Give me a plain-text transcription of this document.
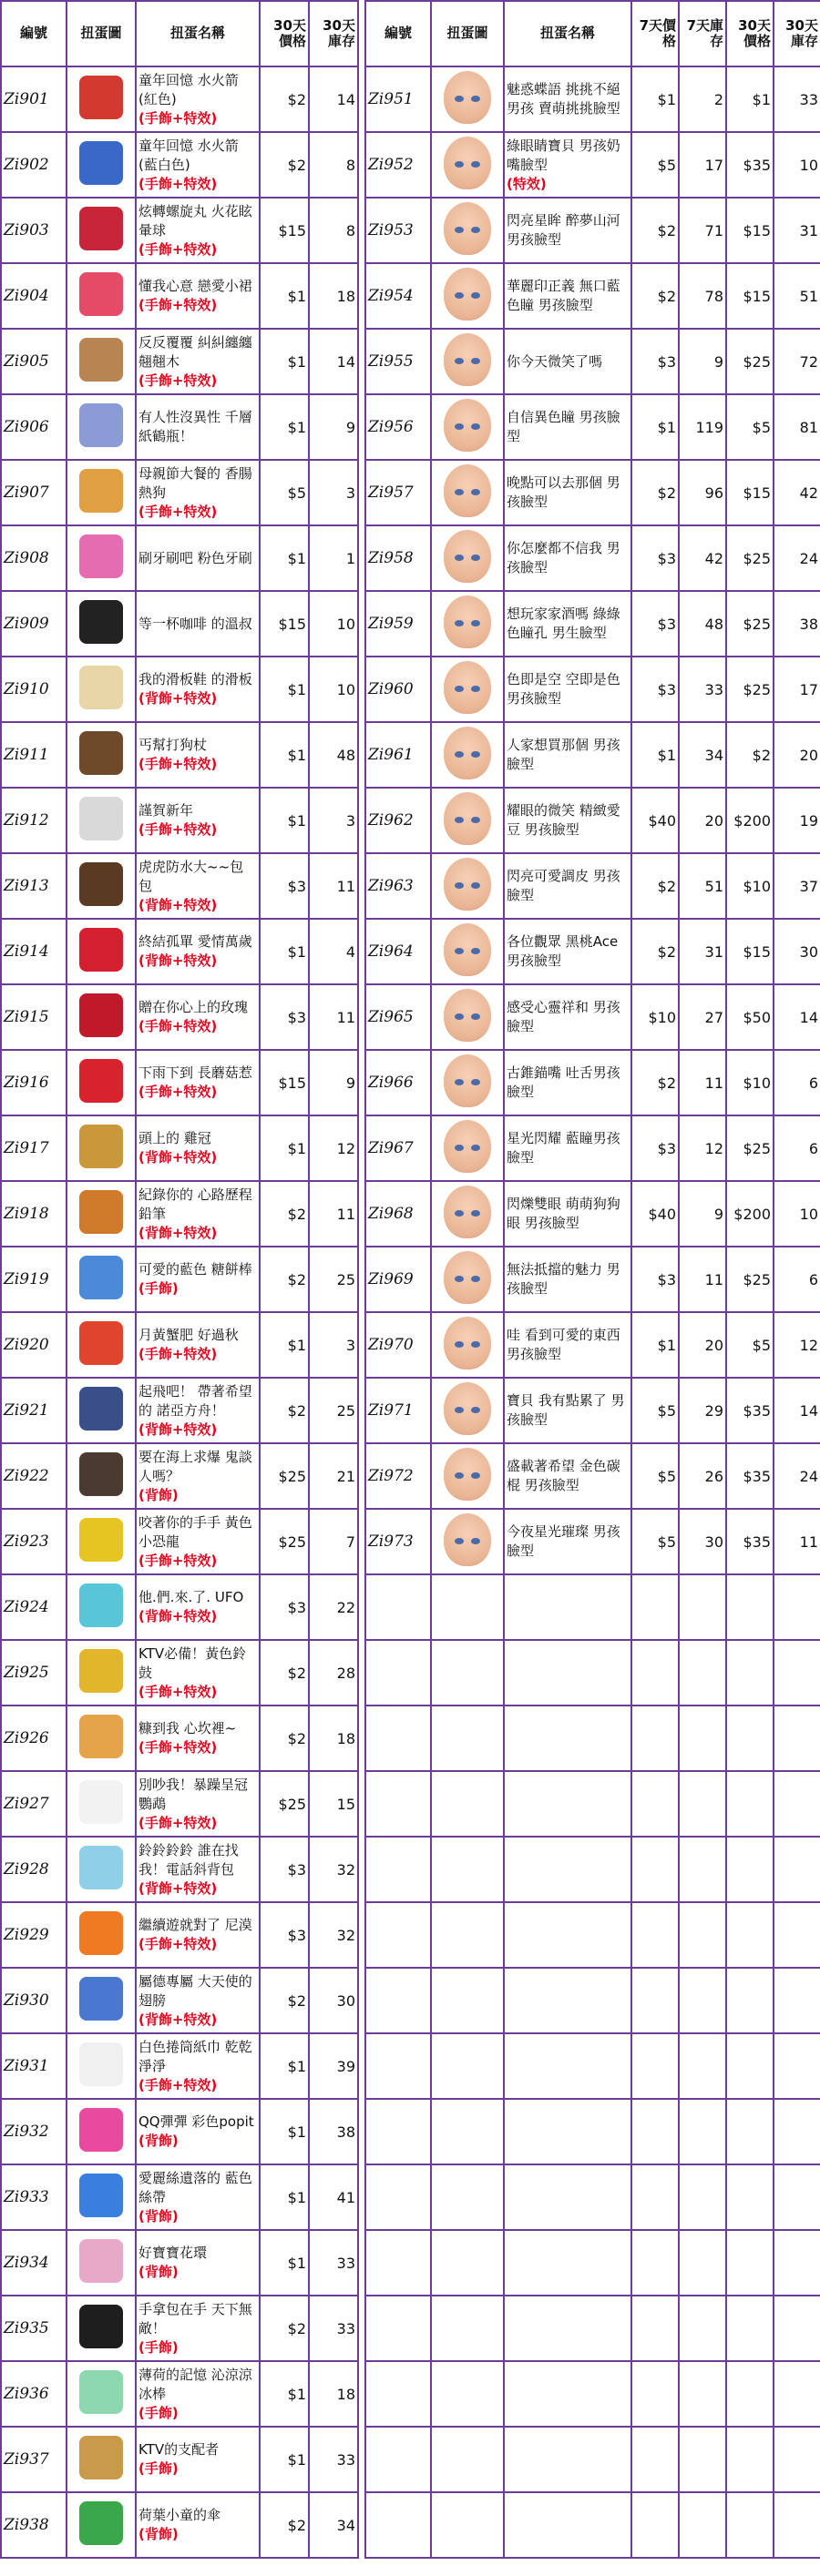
編號	扭蛋圖	扭蛋名稱	30天價格	30天庫存
Zi901		童年回憶 水火箭(紅色)
(手飾+特效)	$2	14
Zi902		童年回憶 水火箭(藍白色)
(手飾+特效)	$2	8
Zi903		炫轉螺旋丸 火花眩暈球
(手飾+特效)	$15	8
Zi904		懂我心意 戀愛小裙
(手飾+特效)	$1	18
Zi905		反反覆覆 糾糾纏纏 翹翹木
(手飾+特效)	$1	14
Zi906		有人性沒異性 千層紙鶴瓶！	$1	9
Zi907		母親節大餐的 香腸熱狗
(手飾+特效)	$5	3
Zi908		刷牙刷吧 粉色牙刷	$1	1
Zi909		等一杯咖啡 的溫叔	$15	10
Zi910		我的滑板鞋 的滑板
(背飾+特效)	$1	10
Zi911		丐幫打狗杖
(手飾+特效)	$1	48
Zi912		謹賀新年
(手飾+特效)	$1	3
Zi913		虎虎防水大~~包包
(背飾+特效)	$3	11
Zi914		終結孤單 愛情萬歲
(背飾+特效)	$1	4
Zi915		贈在你心上的玫瑰
(手飾+特效)	$3	11
Zi916		下雨下到 長蘑菇惹
(手飾+特效)	$15	9
Zi917		頭上的 雞冠
(背飾+特效)	$1	12
Zi918		紀錄你的 心路歷程鉛筆
(背飾+特效)	$2	11
Zi919		可愛的藍色 糖餅棒
(手飾)	$2	25
Zi920		月黃蟹肥 好過秋
(手飾+特效)	$1	3
Zi921		起飛吧！ 帶著希望的 諾亞方舟！
(背飾+特效)	$2	25
Zi922		要在海上求爆 鬼談人嗎？
(背飾)	$25	21
Zi923		咬著你的手手 黃色小恐龍
(手飾+特效)	$25	7
Zi924		他.們.來.了. UFO
(背飾+特效)	$3	22
Zi925		KTV必備！黃色鈴鼓
(手飾+特效)	$2	28
Zi926		糠到我 心坎裡~
(手飾+特效)	$2	18
Zi927		別吵我！暴躁呈冠鸚鵡
(手飾+特效)	$25	15
Zi928		鈴鈴鈴鈴 誰在找我！電話斜背包
(背飾+特效)	$3	32
Zi929		繼續遊就對了 尼漠
(手飾+特效)	$3	32
Zi930		屬德專屬 大天使的翅膀
(背飾+特效)	$2	30
Zi931		白色捲筒紙巾 乾乾淨淨
(手飾+特效)	$1	39
Zi932		QQ彈彈 彩色popit
(背飾)	$1	38
Zi933		愛麗絲遺落的 藍色絲帶
(背飾)	$1	41
Zi934		好寶寶花環
(背飾)	$1	33
Zi935		手拿包在手 天下無敵！
(手飾)	$2	33
Zi936		薄荷的記憶 沁涼涼冰棒
(手飾)	$1	18
Zi937		KTV的支配者
(手飾)	$1	33
Zi938		荷葉小童的傘
(背飾)	$2	34
編號	扭蛋圖	扭蛋名稱	7天價格	7天庫存	30天價格	30天庫存
Zi951		魅惑蝶語 挑挑不絕男孩 賣萌挑挑臉型	$1	2	$1	33
Zi952		綠眼睛寶貝 男孩奶嘴臉型
(特效)	$5	17	$35	10
Zi953		閃亮星眸 醉夢山河 男孩臉型	$2	71	$15	31
Zi954		華麗印正義 無口藍色瞳 男孩臉型	$2	78	$15	51
Zi955		你今天微笑了嗎	$3	9	$25	72
Zi956		自信異色瞳 男孩臉型	$1	119	$5	81
Zi957		晚點可以去那個 男孩臉型	$2	96	$15	42
Zi958		你怎麼都不信我 男孩臉型	$3	42	$25	24
Zi959		想玩家家酒嗎 綠綠色瞳孔 男生臉型	$3	48	$25	38
Zi960		色即是空 空即是色 男孩臉型	$3	33	$25	17
Zi961		人家想買那個 男孩臉型	$1	34	$2	20
Zi962		耀眼的微笑 精緻愛豆 男孩臉型	$40	20	$200	19
Zi963		閃亮可愛調皮 男孩臉型	$2	51	$10	37
Zi964		各位觀眾 黑桃Ace 男孩臉型	$2	31	$15	30
Zi965		感受心靈祥和 男孩臉型	$10	27	$50	14
Zi966		古錐錨嘴 吐舌男孩臉型	$2	11	$10	6
Zi967		星光閃耀 藍瞳男孩臉型	$3	12	$25	6
Zi968		閃爍雙眼 萌萌狗狗眼 男孩臉型	$40	9	$200	10
Zi969		無法抵擋的魅力 男孩臉型	$3	11	$25	6
Zi970		哇 看到可愛的東西 男孩臉型	$1	20	$5	12
Zi971		寶貝 我有點累了 男孩臉型	$5	29	$35	14
Zi972		盛載著希望 金色碳棍 男孩臉型	$5	26	$35	24
Zi973		今夜星光璀璨 男孩臉型	$5	30	$35	11
